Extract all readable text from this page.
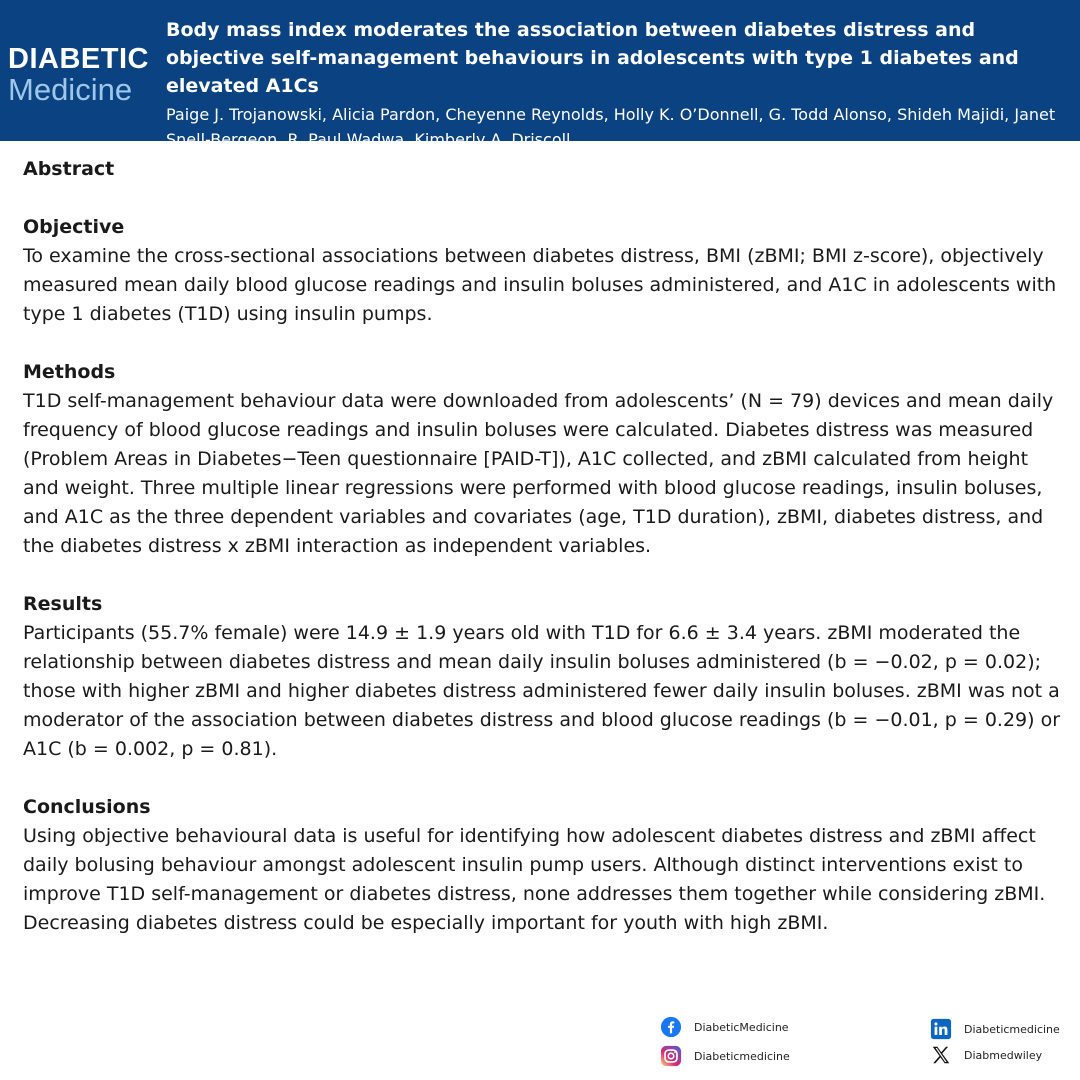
DIABETIC
Medicine
Body mass index moderates the association between diabetes distress and objective self-management behaviours in adolescents with type 1 diabetes and elevated A1Cs
Paige J. Trojanowski, Alicia Pardon, Cheyenne Reynolds, Holly K. O’Donnell, G. Todd Alonso, Shideh Majidi, Janet Snell-Bergeon, R. Paul Wadwa, Kimberly A. Driscoll
Abstract
Objective

To examine the cross-sectional associations between diabetes distress, BMI (zBMI; BMI z-score), objectively measured mean daily blood glucose readings and insulin boluses administered, and A1C in adolescents with type 1 diabetes (T1D) using insulin pumps.

Methods

T1D self-management behaviour data were downloaded from adolescents’ (N = 79) devices and mean daily frequency of blood glucose readings and insulin boluses were calculated. Diabetes distress was measured (Problem Areas in Diabetes−Teen questionnaire [PAID-T]), A1C collected, and zBMI calculated from height and weight. Three multiple linear regressions were performed with blood glucose readings, insulin boluses, and A1C as the three dependent variables and covariates (age, T1D duration), zBMI, diabetes distress, and the diabetes distress x zBMI interaction as independent variables.

Results

Participants (55.7% female) were 14.9 ± 1.9 years old with T1D for 6.6 ± 3.4 years. zBMI moderated the relationship between diabetes distress and mean daily insulin boluses administered (b = −0.02, p = 0.02); those with higher zBMI and higher diabetes distress administered fewer daily insulin boluses. zBMI was not a moderator of the association between diabetes distress and blood glucose readings (b = −0.01, p = 0.29) or A1C (b = 0.002, p = 0.81).

Conclusions

Using objective behavioural data is useful for identifying how adolescent diabetes distress and zBMI affect daily bolusing behaviour amongst adolescent insulin pump users. Although distinct interventions exist to improve T1D self-management or diabetes distress, none addresses them together while considering zBMI. Decreasing diabetes distress could be especially important for youth with high zBMI.

DiabeticMedicine
Diabeticmedicine
Diabeticmedicine
Diabmedwiley
